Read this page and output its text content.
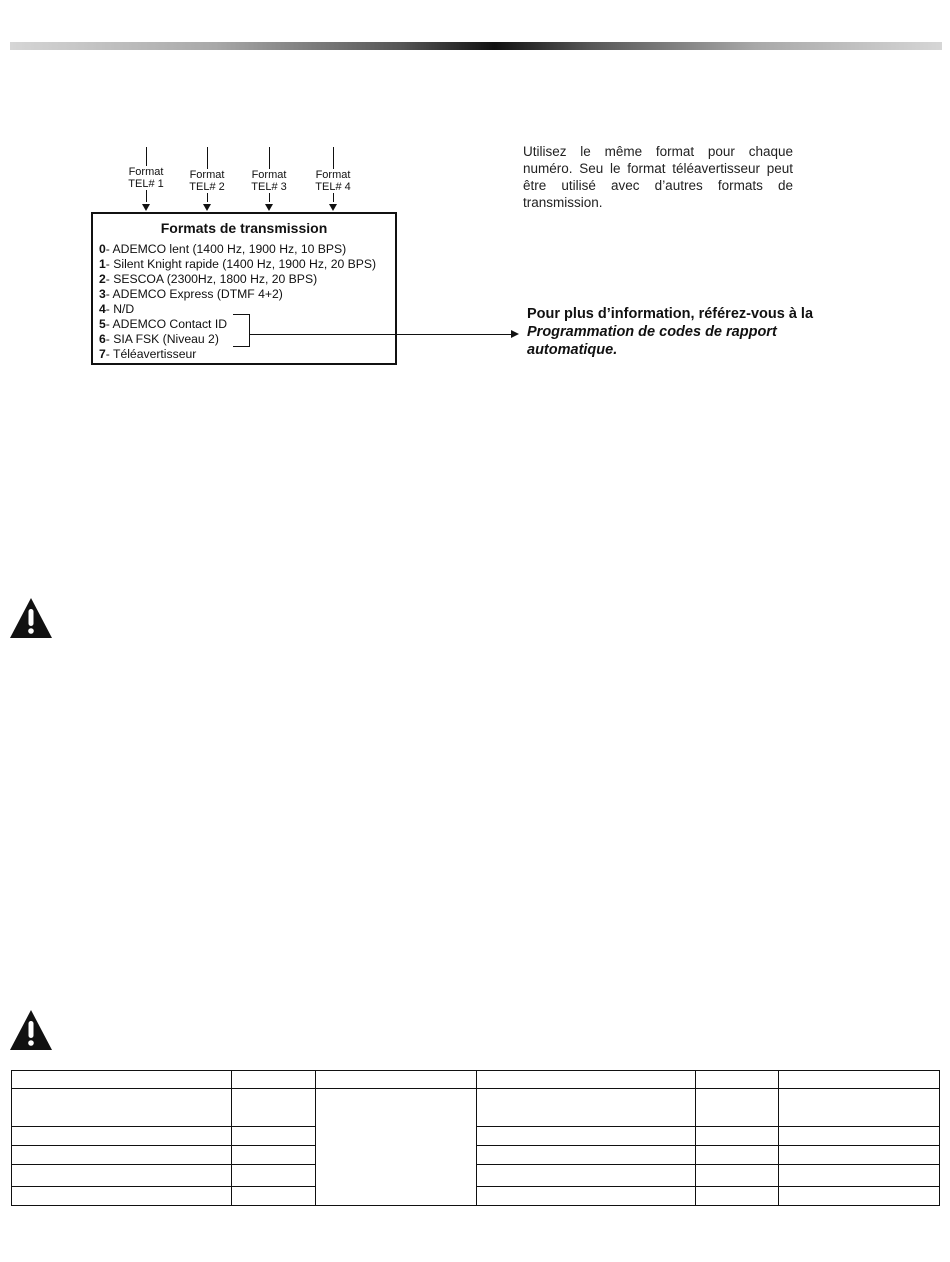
Format
TEL# 1
Format
TEL# 2
Format
TEL# 3
Format
TEL# 4
Formats de transmission
0- ADEMCO lent (1400 Hz, 1900 Hz, 10 BPS)
1- Silent Knight rapide (1400 Hz, 1900 Hz, 20 BPS)
2- SESCOA (2300Hz, 1800 Hz, 20 BPS)
3- ADEMCO Express (DTMF 4+2)
4- N/D
5- ADEMCO Contact ID
6- SIA FSK (Niveau 2)
7- Téléavertisseur
Utilisez le même format pour chaque numéro. Seu le format téléavertisseur peut être utilisé avec d’autres formats de transmission.
Pour plus d’information, référez-vous à la Programmation de codes de rapport automatique.
